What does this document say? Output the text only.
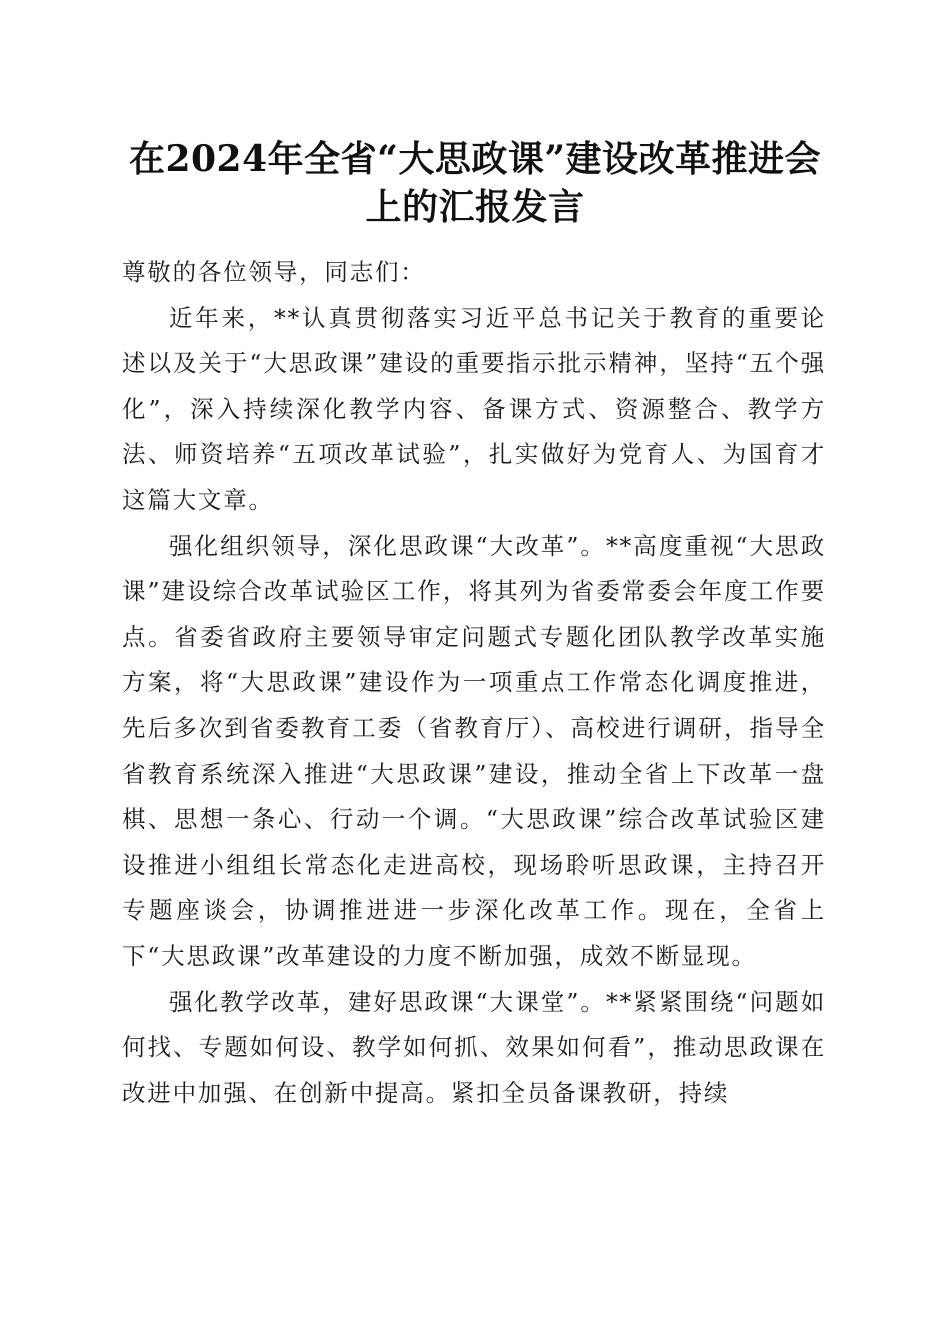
在2024年全省“大思政课”建设改革推进会
上的汇报发言

尊敬的各位领导，同志们：

近年来，**认真贯彻落实习近平总书记关于教育的重要论述以及关于“大思政课”建设的重要指示批示精神，坚持“五个强化”，深入持续深化教学内容、备课方式、资源整合、教学方法、师资培养“五项改革试验”，扎实做好为党育人、为国育才这篇大文章。

强化组织领导，深化思政课“大改革”。**高度重视“大思政课”建设综合改革试验区工作，将其列为省委常委会年度工作要点。省委省政府主要领导审定问题式专题化团队教学改革实施方案，将“大思政课”建设作为一项重点工作常态化调度推进，先后多次到省委教育工委（省教育厅）、高校进行调研，指导全省教育系统深入推进“大思政课”建设，推动全省上下改革一盘棋、思想一条心、行动一个调。“大思政课”综合改革试验区建设推进小组组长常态化走进高校，现场聆听思政课，主持召开专题座谈会，协调推进进一步深化改革工作。现在，全省上下“大思政课”改革建设的力度不断加强，成效不断显现。

强化教学改革，建好思政课“大课堂”。**紧紧围绕“问题如何找、专题如何设、教学如何抓、效果如何看”，推动思政课在改进中加强、在创新中提高。紧扣全员备课教研，持续
